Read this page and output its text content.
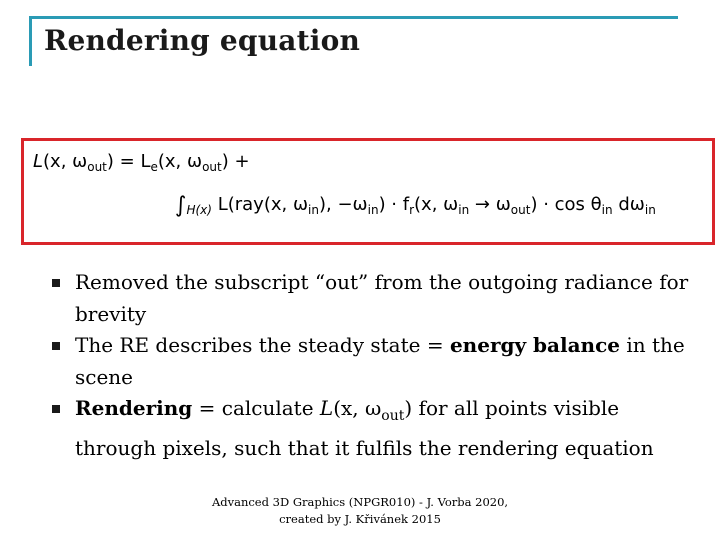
Rendering equation
L(x, $\omega_{out}) = L_e(x$, $\omega_{out}$) +
$\int_{H(x)}$ L(ray(x, $\omega_{in}$), $-\omega_{in}) \cdot f_r(x$, $\omega_{in} \to \omega_{out}) \cdot \cos \theta_{in}$ $d\omega_{in}$
Removed the subscript “out” from the outgoing radiance for brevity
The RE describes the steady state = energy balance in the scene
Rendering = calculate L(x, $\omega_{out}$) for all points visible through pixels, such that it fulfils the rendering equation
Advanced 3D Graphics (NPGR010) - J. Vorba 2020,
created by J. Křivánek 2015
